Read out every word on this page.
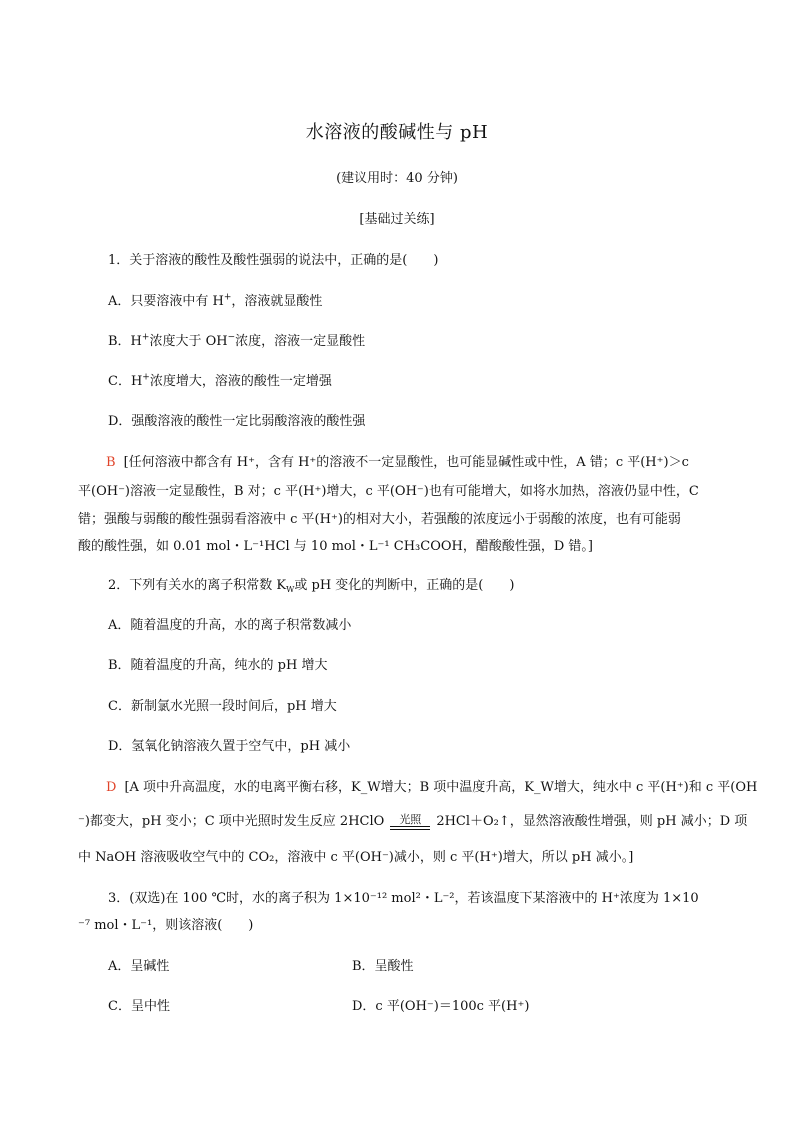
水溶液的酸碱性与 pH
(建议用时：40 分钟)
[基础过关练]
1．关于溶液的酸性及酸性强弱的说法中，正确的是(　　)
A．只要溶液中有 H+，溶液就显酸性
B．H+浓度大于 OH−浓度，溶液一定显酸性
C．H+浓度增大，溶液的酸性一定增强
D．强酸溶液的酸性一定比弱酸溶液的酸性强
B [任何溶液中都含有 H⁺，含有 H⁺的溶液不一定显酸性，也可能显碱性或中性，A 错；c 平(H⁺)＞c
平(OH⁻)溶液一定显酸性，B 对；c 平(H⁺)增大，c 平(OH⁻)也有可能增大，如将水加热，溶液仍显中性，C
错；强酸与弱酸的酸性强弱看溶液中 c 平(H⁺)的相对大小，若强酸的浓度远小于弱酸的浓度，也有可能弱
酸的酸性强，如 0.01 mol・L⁻¹HCl 与 10 mol・L⁻¹ CH₃COOH，醋酸酸性强，D 错。]
2．下列有关水的离子积常数 $K_W$或 pH 变化的判断中，正确的是(　　)
A．随着温度的升高，水的离子积常数减小
B．随着温度的升高，纯水的 pH 增大
C．新制氯水光照一段时间后，pH 增大
D．氢氧化钠溶液久置于空气中，pH 减小
D [A 项中升高温度，水的电离平衡右移，K_W增大；B 项中温度升高，K_W增大，纯水中 c 平(H⁺)和 c 平(OH
⁻)都变大，pH 变小；C 项中光照时发生反应 2HClO	光照	2HCl＋O₂↑，显然溶液酸性增强，则 pH 减小；D 项
中 NaOH 溶液吸收空气中的 CO₂，溶液中 c 平(OH⁻)减小，则 c 平(H⁺)增大，所以 pH 减小。]
3．(双选)在 100 ℃时，水的离子积为 1×10⁻¹² mol²・L⁻²，若该温度下某溶液中的 H⁺浓度为 1×10
⁻⁷ mol・L⁻¹，则该溶液(　　)
A．呈碱性	B．呈酸性
C．呈中性	D．c 平(OH⁻)＝100c 平(H⁺)
